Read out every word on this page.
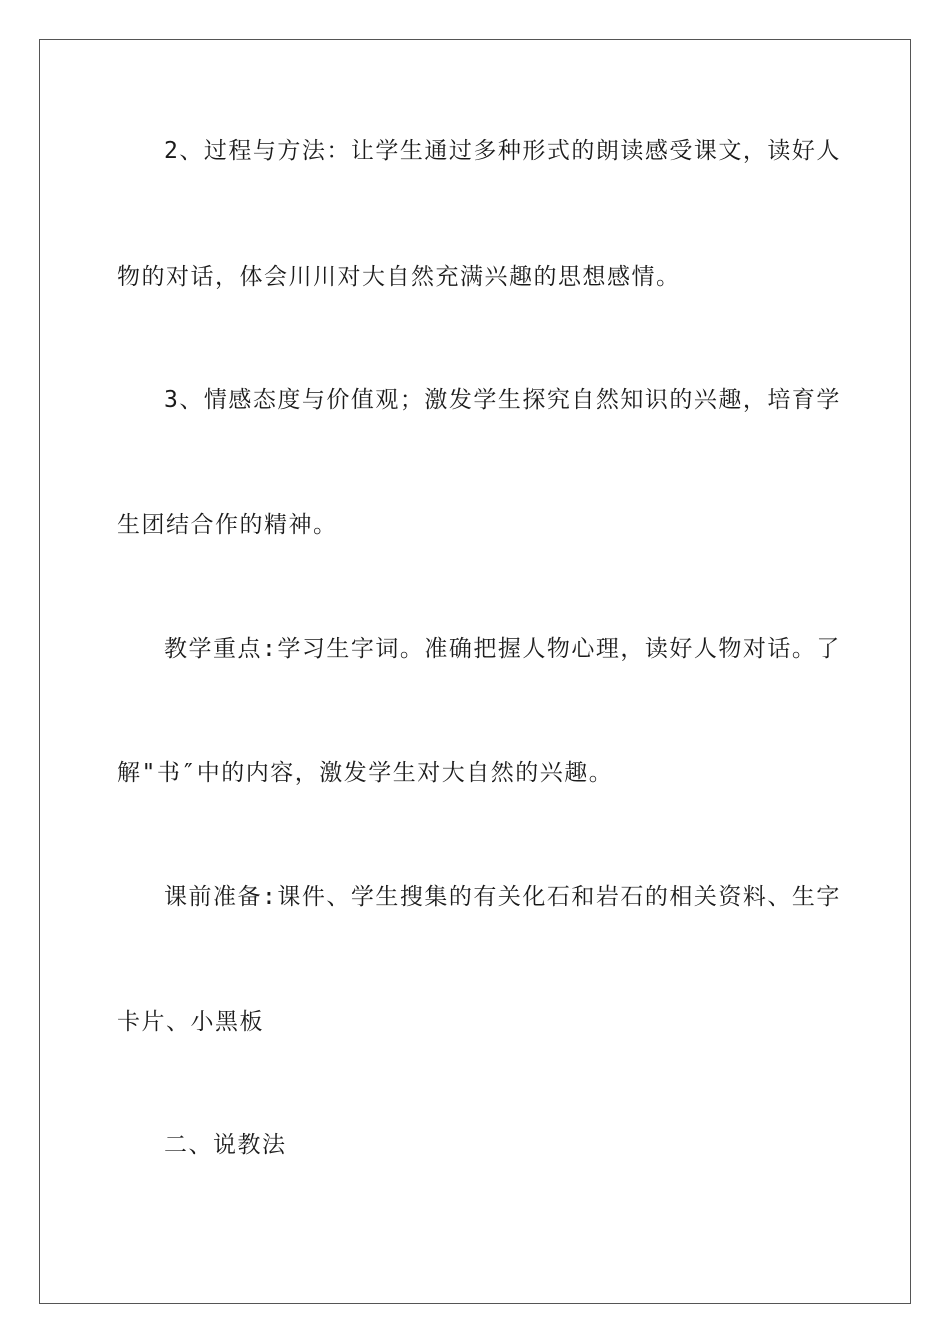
2、过程与方法：让学生通过多种形式的朗读感受课文，读好人
物的对话，体会川川对大自然充满兴趣的思想感情。
3、情感态度与价值观；激发学生探究自然知识的兴趣，培育学
生团结合作的精神。
教学重点:学习生字词。准确把握人物心理，读好人物对话。了
解"书″中的内容，激发学生对大自然的兴趣。
课前准备:课件、学生搜集的有关化石和岩石的相关资料、生字
卡片、小黑板
二、说教法
